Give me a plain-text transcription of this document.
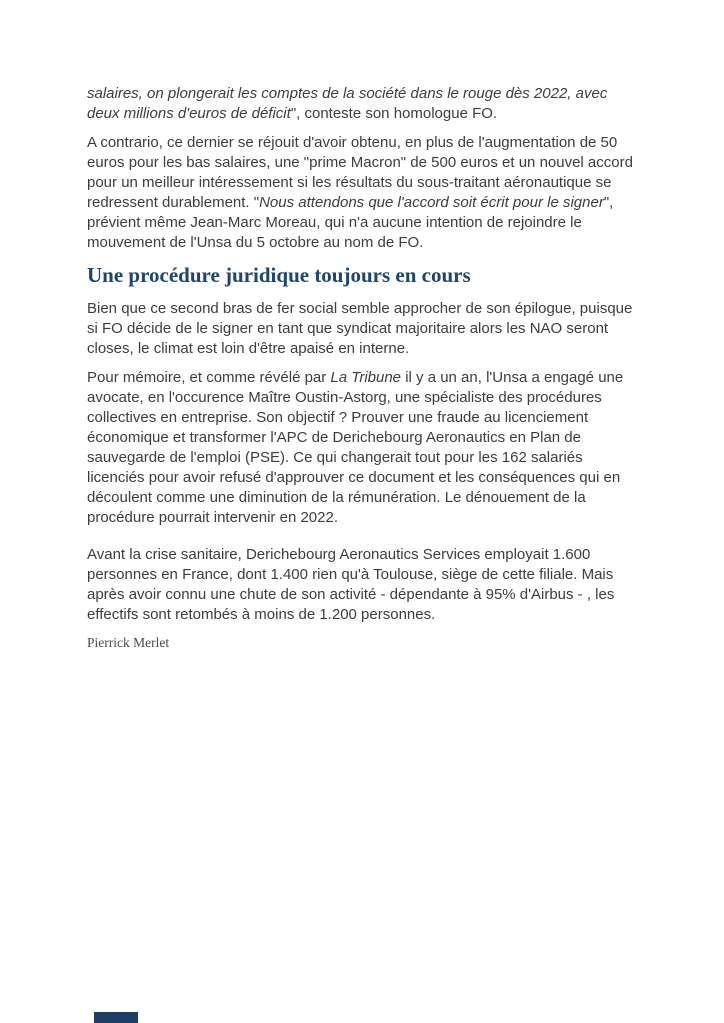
salaires, on plongerait les comptes de la société dans le rouge dès 2022, avec deux millions d'euros de déficit", conteste son homologue FO.

A contrario, ce dernier se réjouit d'avoir obtenu, en plus de l'augmentation de 50 euros pour les bas salaires, une "prime Macron" de 500 euros et un nouvel accord pour un meilleur intéressement si les résultats du sous-traitant aéronautique se redressent durablement. "Nous attendons que l'accord soit écrit pour le signer", prévient même Jean-Marc Moreau, qui n'a aucune intention de rejoindre le mouvement de l'Unsa du 5 octobre au nom de FO.

Une procédure juridique toujours en cours

Bien que ce second bras de fer social semble approcher de son épilogue, puisque si FO décide de le signer en tant que syndicat majoritaire alors les NAO seront closes, le climat est loin d'être apaisé en interne.

Pour mémoire, et comme révélé par La Tribune il y a un an, l'Unsa a engagé une avocate, en l'occurence Maître Oustin-Astorg, une spécialiste des procédures collectives en entreprise. Son objectif ? Prouver une fraude au licenciement économique et transformer l'APC de Derichebourg Aeronautics en Plan de sauvegarde de l'emploi (PSE). Ce qui changerait tout pour les 162 salariés licenciés pour avoir refusé d'approuver ce document et les conséquences qui en découlent comme une diminution de la rémunération. Le dénouement de la procédure pourrait intervenir en 2022.

Avant la crise sanitaire, Derichebourg Aeronautics Services employait 1.600 personnes en France, dont 1.400 rien qu'à Toulouse, siège de cette filiale. Mais après avoir connu une chute de son activité - dépendante à 95% d'Airbus - , les effectifs sont retombés à moins de 1.200 personnes.

Pierrick Merlet
